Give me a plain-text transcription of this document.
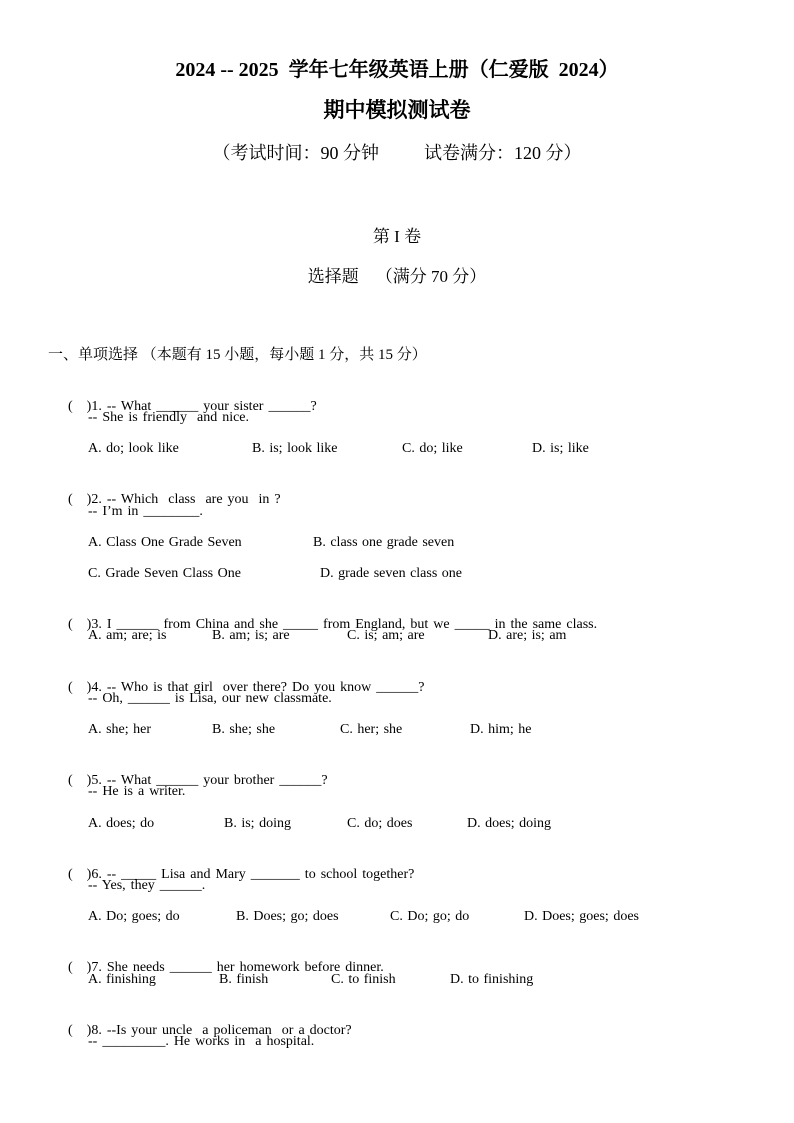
2024 -- 2025  学年七年级英语上册（仁爱版  2024）
期中模拟测试卷
（考试时间：90 分钟          试卷满分：120 分）
第 I 卷
选择题    （满分 70 分）
一、单项选择 （本题有 15 小题，每小题 1 分，共 15 分）

( )1. -- What ______ your sister ______?

-- She is friendly  and nice.
A. do; look like	B. is; look like	C. do; like	D. is; like

( )2. -- Which  class  are you  in ?

-- I’m in ________.
A. Class One Grade Seven	B. class one grade seven
C. Grade Seven Class One	D. grade seven class one

( )3. I ______ from China and she _____ from England, but we _____ in the same class.

A. am; are; is	B. am; is; are	C. is; am; are	D. are; is; am

( )4. -- Who is that girl  over there? Do you know ______?

-- Oh, ______ is Lisa, our new classmate.
A. she; her	B. she; she	C. her; she	D. him; he

( )5. -- What ______ your brother ______?

-- He is a writer.
A. does; do	B. is; doing	C. do; does	D. does; doing

( )6. -- _____ Lisa and Mary _______ to school together?

-- Yes, they ______.
A. Do; goes; do	B. Does; go; does	C. Do; go; do	D. Does; goes; does

( )7. She needs ______ her homework before dinner.

A. finishing	B. finish	C. to finish	D. to finishing

( )8. --Is your uncle  a policeman  or a doctor?

-- _________. He works in  a hospital.
